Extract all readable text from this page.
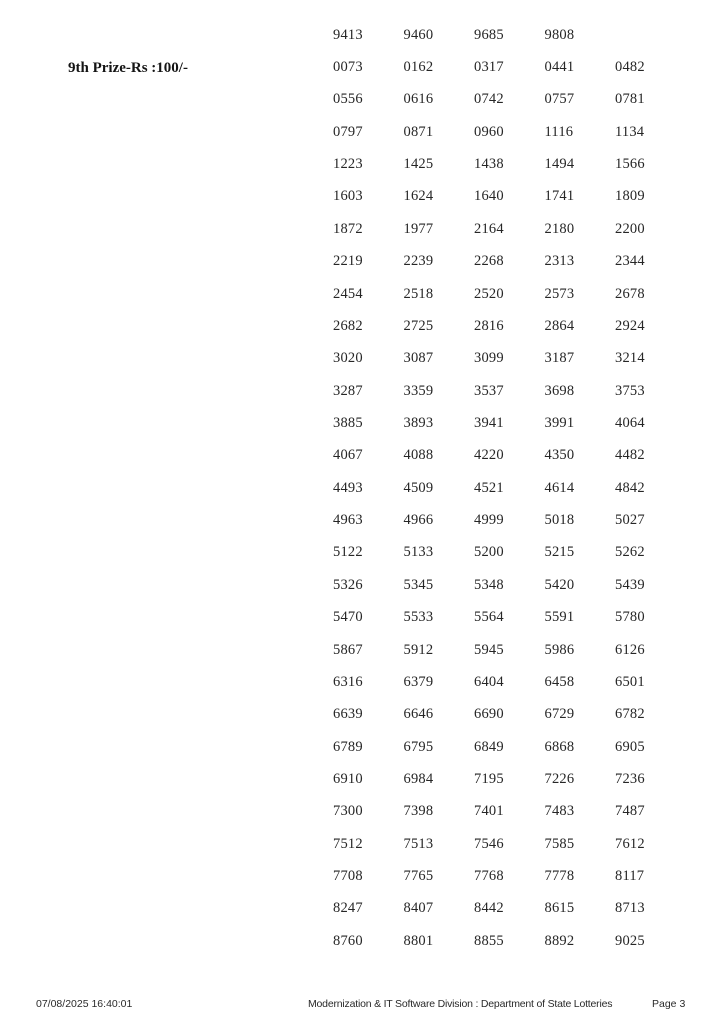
9th Prize-Rs :100/-
9413	9460	9685	9808
0073	0162	0317	0441	0482
0556	0616	0742	0757	0781
0797	0871	0960	1116	1134
1223	1425	1438	1494	1566
1603	1624	1640	1741	1809
1872	1977	2164	2180	2200
2219	2239	2268	2313	2344
2454	2518	2520	2573	2678
2682	2725	2816	2864	2924
3020	3087	3099	3187	3214
3287	3359	3537	3698	3753
3885	3893	3941	3991	4064
4067	4088	4220	4350	4482
4493	4509	4521	4614	4842
4963	4966	4999	5018	5027
5122	5133	5200	5215	5262
5326	5345	5348	5420	5439
5470	5533	5564	5591	5780
5867	5912	5945	5986	6126
6316	6379	6404	6458	6501
6639	6646	6690	6729	6782
6789	6795	6849	6868	6905
6910	6984	7195	7226	7236
7300	7398	7401	7483	7487
7512	7513	7546	7585	7612
7708	7765	7768	7778	8117
8247	8407	8442	8615	8713
8760	8801	8855	8892	9025
07/08/2025 16:40:01	Modernization & IT Software Division : Department of State Lotteries	Page 3
